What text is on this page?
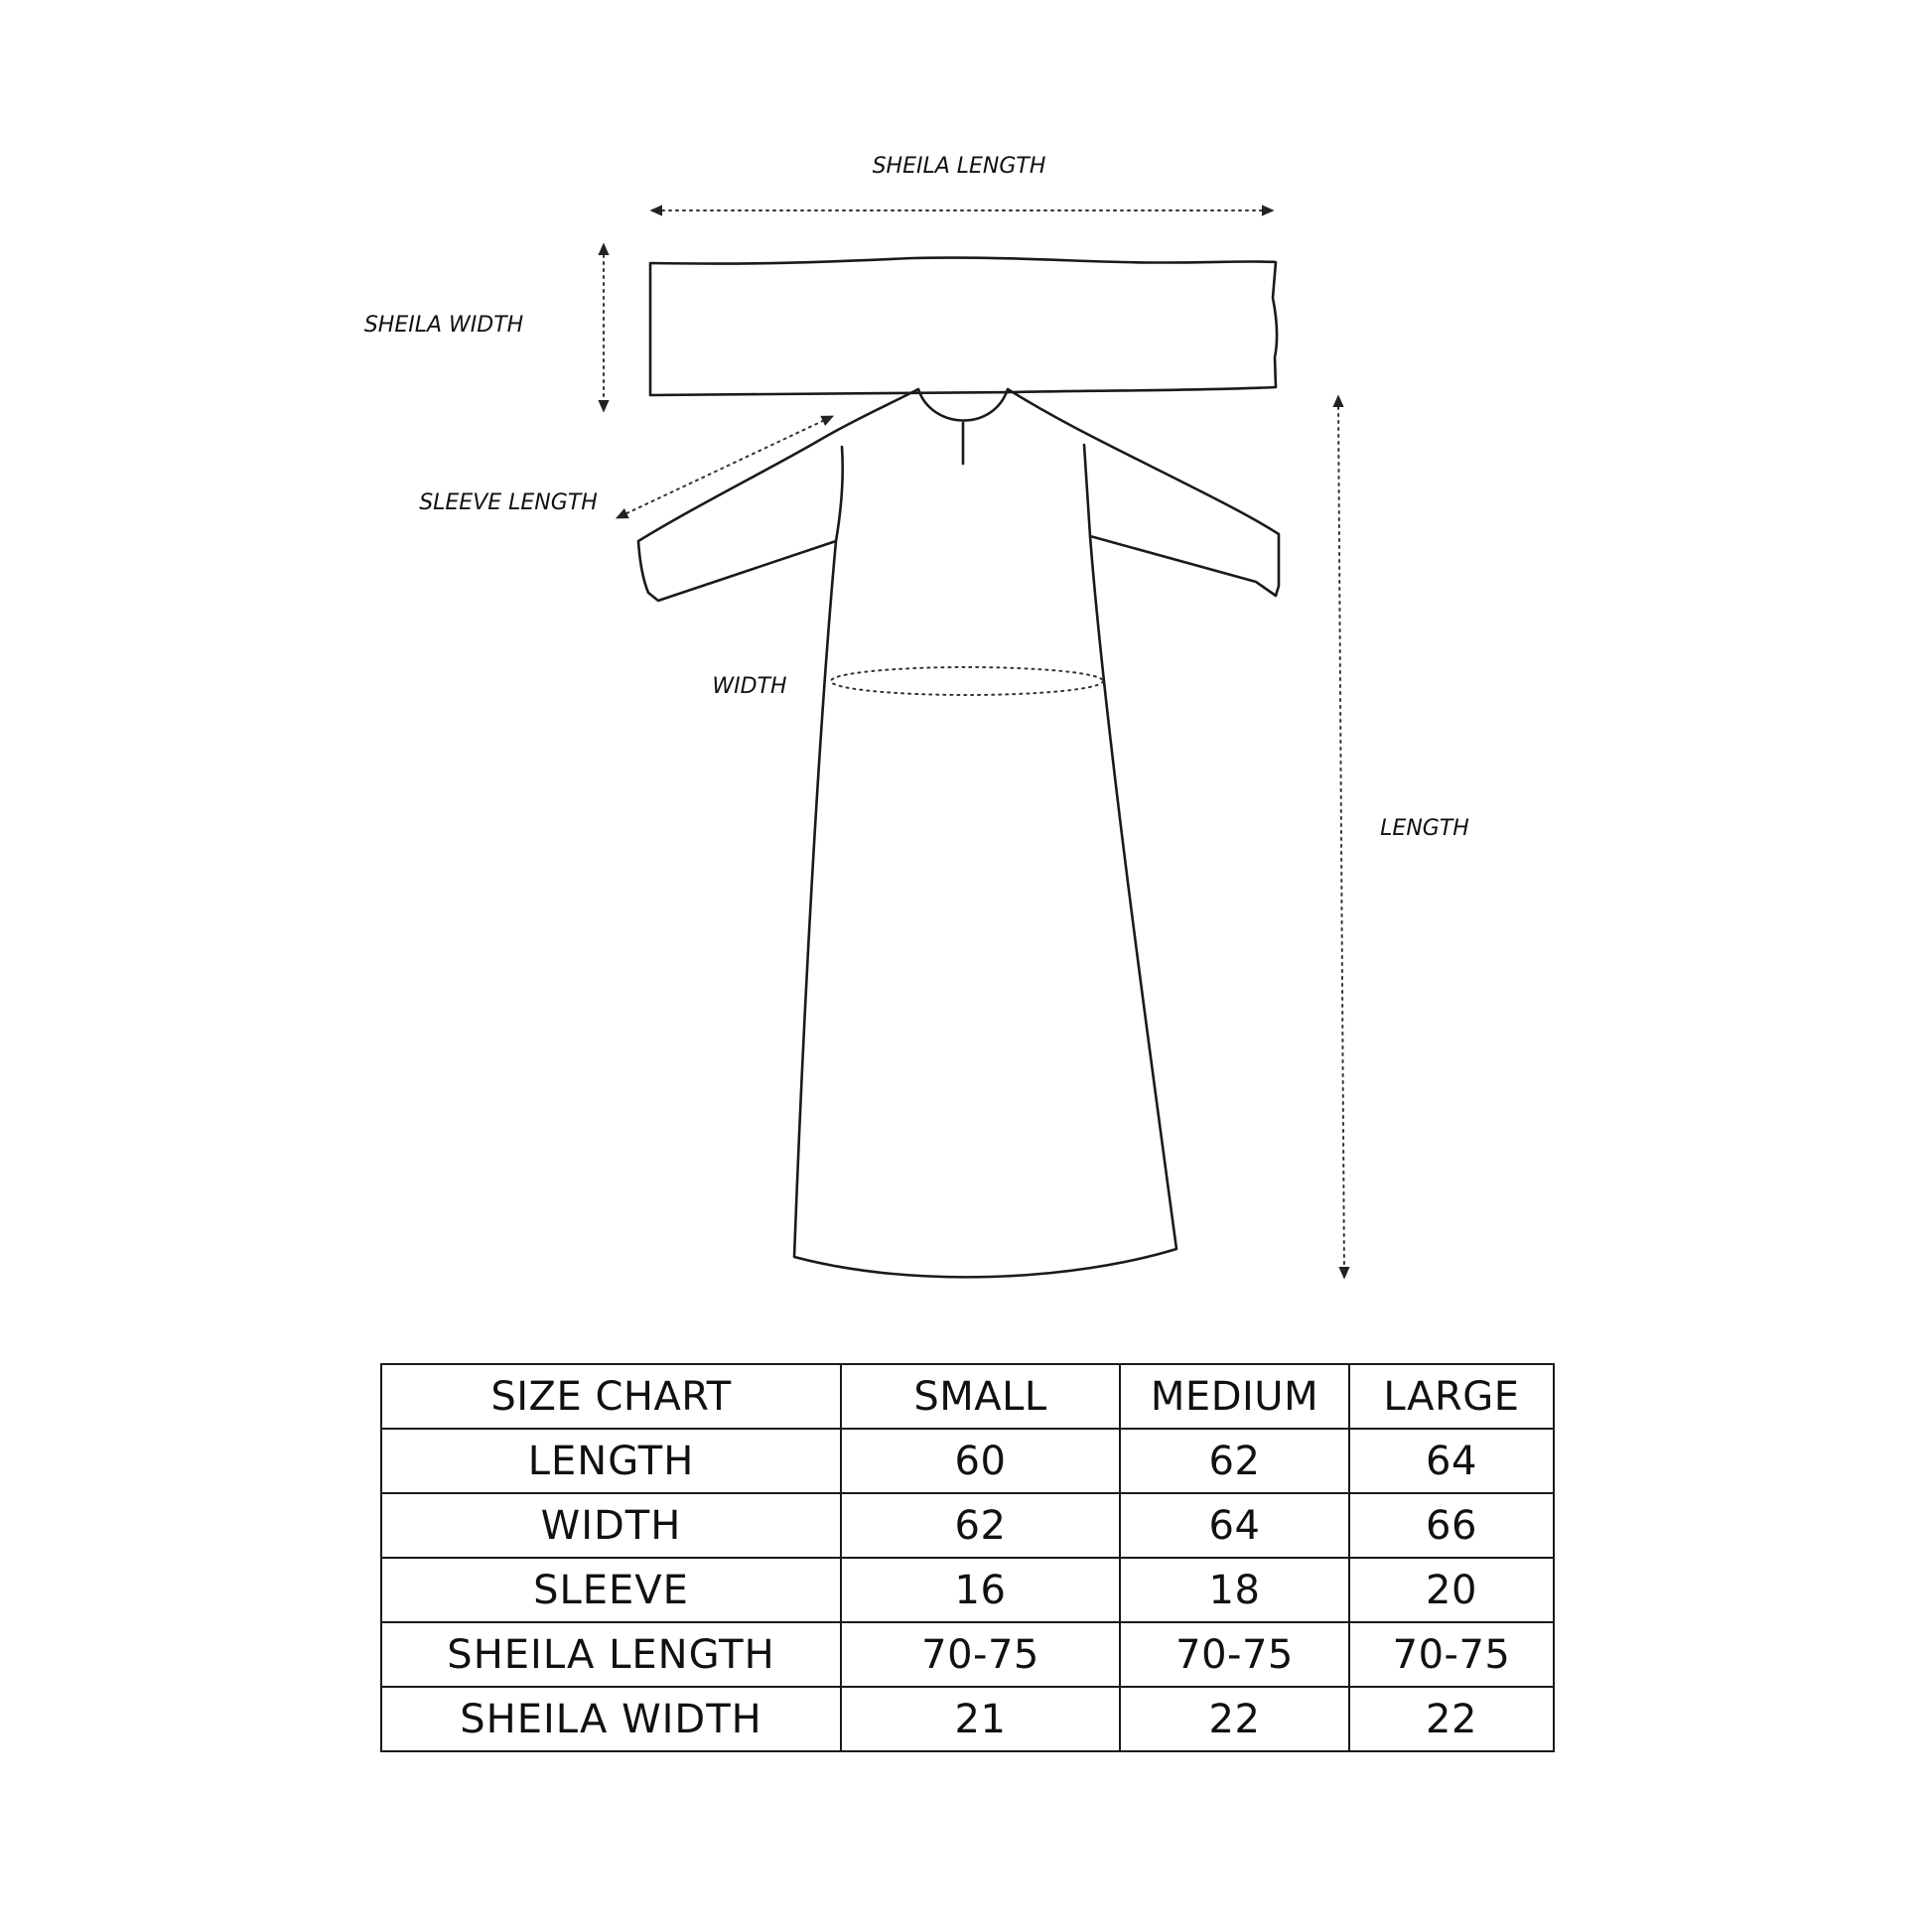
SHEILA LENGTH
SHEILA WIDTH
SLEEVE LENGTH
WIDTH
LENGTH
SIZE CHART	SMALL	MEDIUM	LARGE
LENGTH	60	62	64
WIDTH	62	64	66
SLEEVE	16	18	20
SHEILA LENGTH	70-75	70-75	70-75
SHEILA WIDTH	21	22	22
